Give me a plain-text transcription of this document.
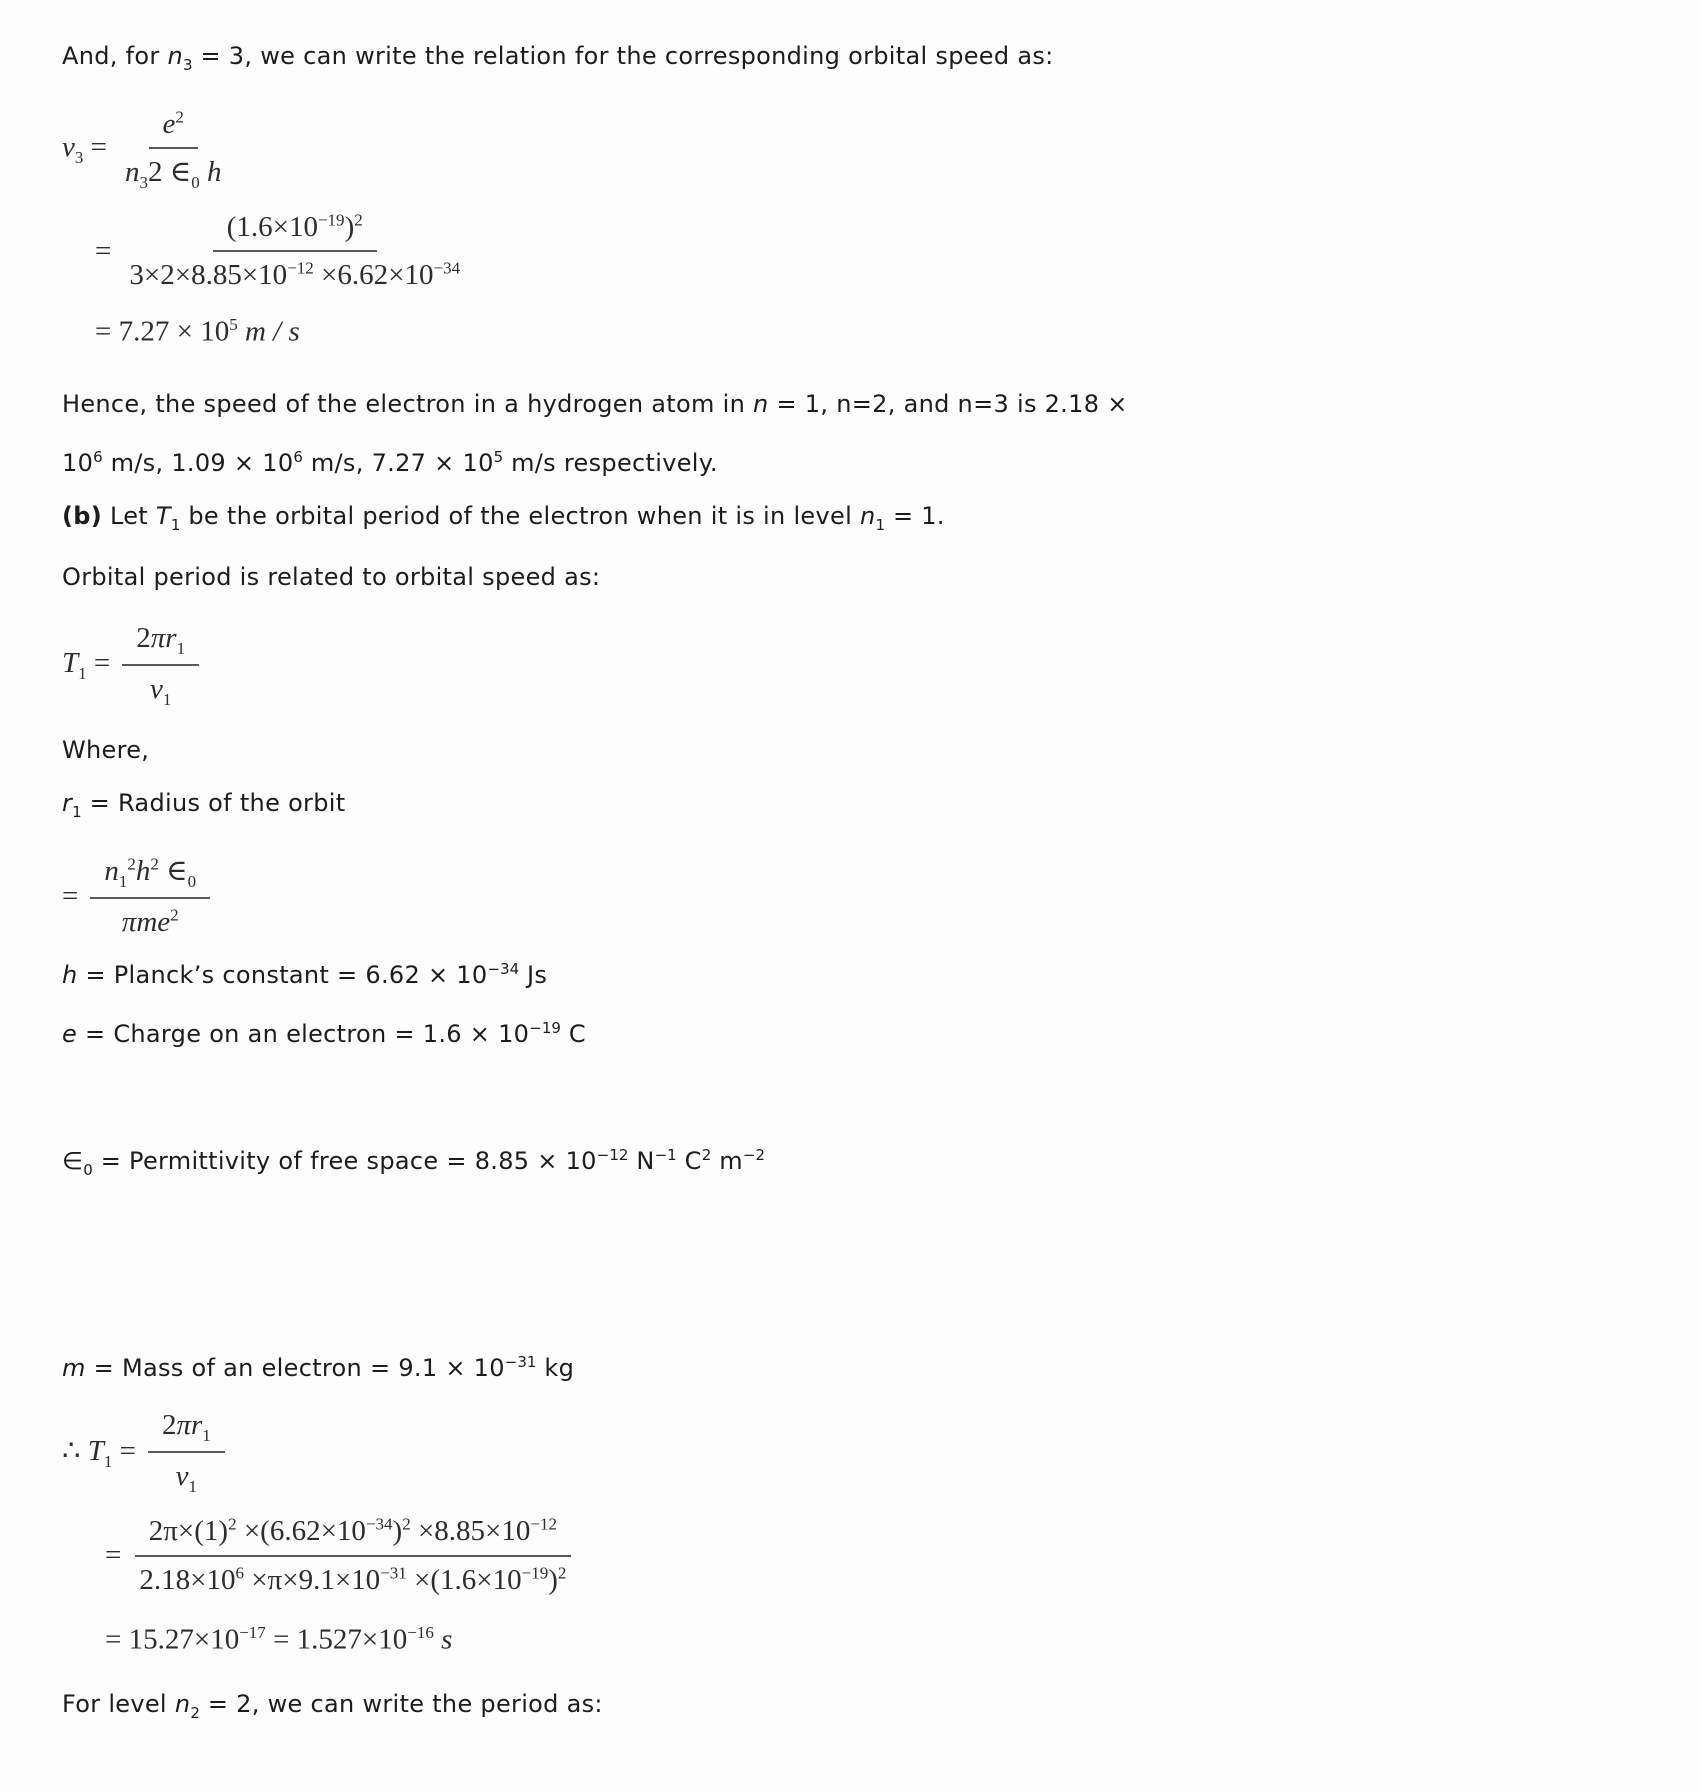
And, for $n_3 = 3$, we can write the relation for the corresponding orbital speed as:
$v_3 = \frac{e^2}{n_32 \in_0 h}$
= $\frac{(1.6\times 10^{-19})^2}{3\times 2\times 8.85\times 10^{-12} \times 6.62\times 10^{-34}}$
= $7.27 \times 10^5$ m / s
Hence, the speed of the electron in a hydrogen atom in n = 1, n=2, and n=3 is 2.18 ×
$10^6$ m/s, $1.09 \times 10^6$ m/s, $7.27 \times 10^5$ m/s respectively.
(b) Let $T_1$ be the orbital period of the electron when it is in level $n_1 = 1$.
Orbital period is related to orbital speed as:
$T_1 = \frac{2\pi r_1}{v_1}$
Where,
$r_1$ = Radius of the orbit
= $\frac{n_1^2h^2 \in_0}{\pi me^2}$
h = Planck’s constant = $6.62 \times 10^{-34}$ Js
e = Charge on an electron = $1.6 \times 10^{-19}$ C
$\in_0$ = Permittivity of free space = $8.85 \times 10^{-12}$ $N^{-1}$ $C^2$ $m^{-2}$
m = Mass of an electron = $9.1 \times 10^{-31}$ kg
∴ $T_1 = \frac{2\pi r_1}{v_1}$
= $\frac{2\pi\times(1)^2 \times(6.62\times 10^{-34})^2 \times 8.85\times 10^{-12}}{2.18\times 10^6 \times\pi\times 9.1\times 10^{-31} \times(1.6\times 10^{-19})^2}$
= $15.27\times 10^{-17} = 1.527\times 10^{-16}$ s
For level $n_2 = 2$, we can write the period as:
